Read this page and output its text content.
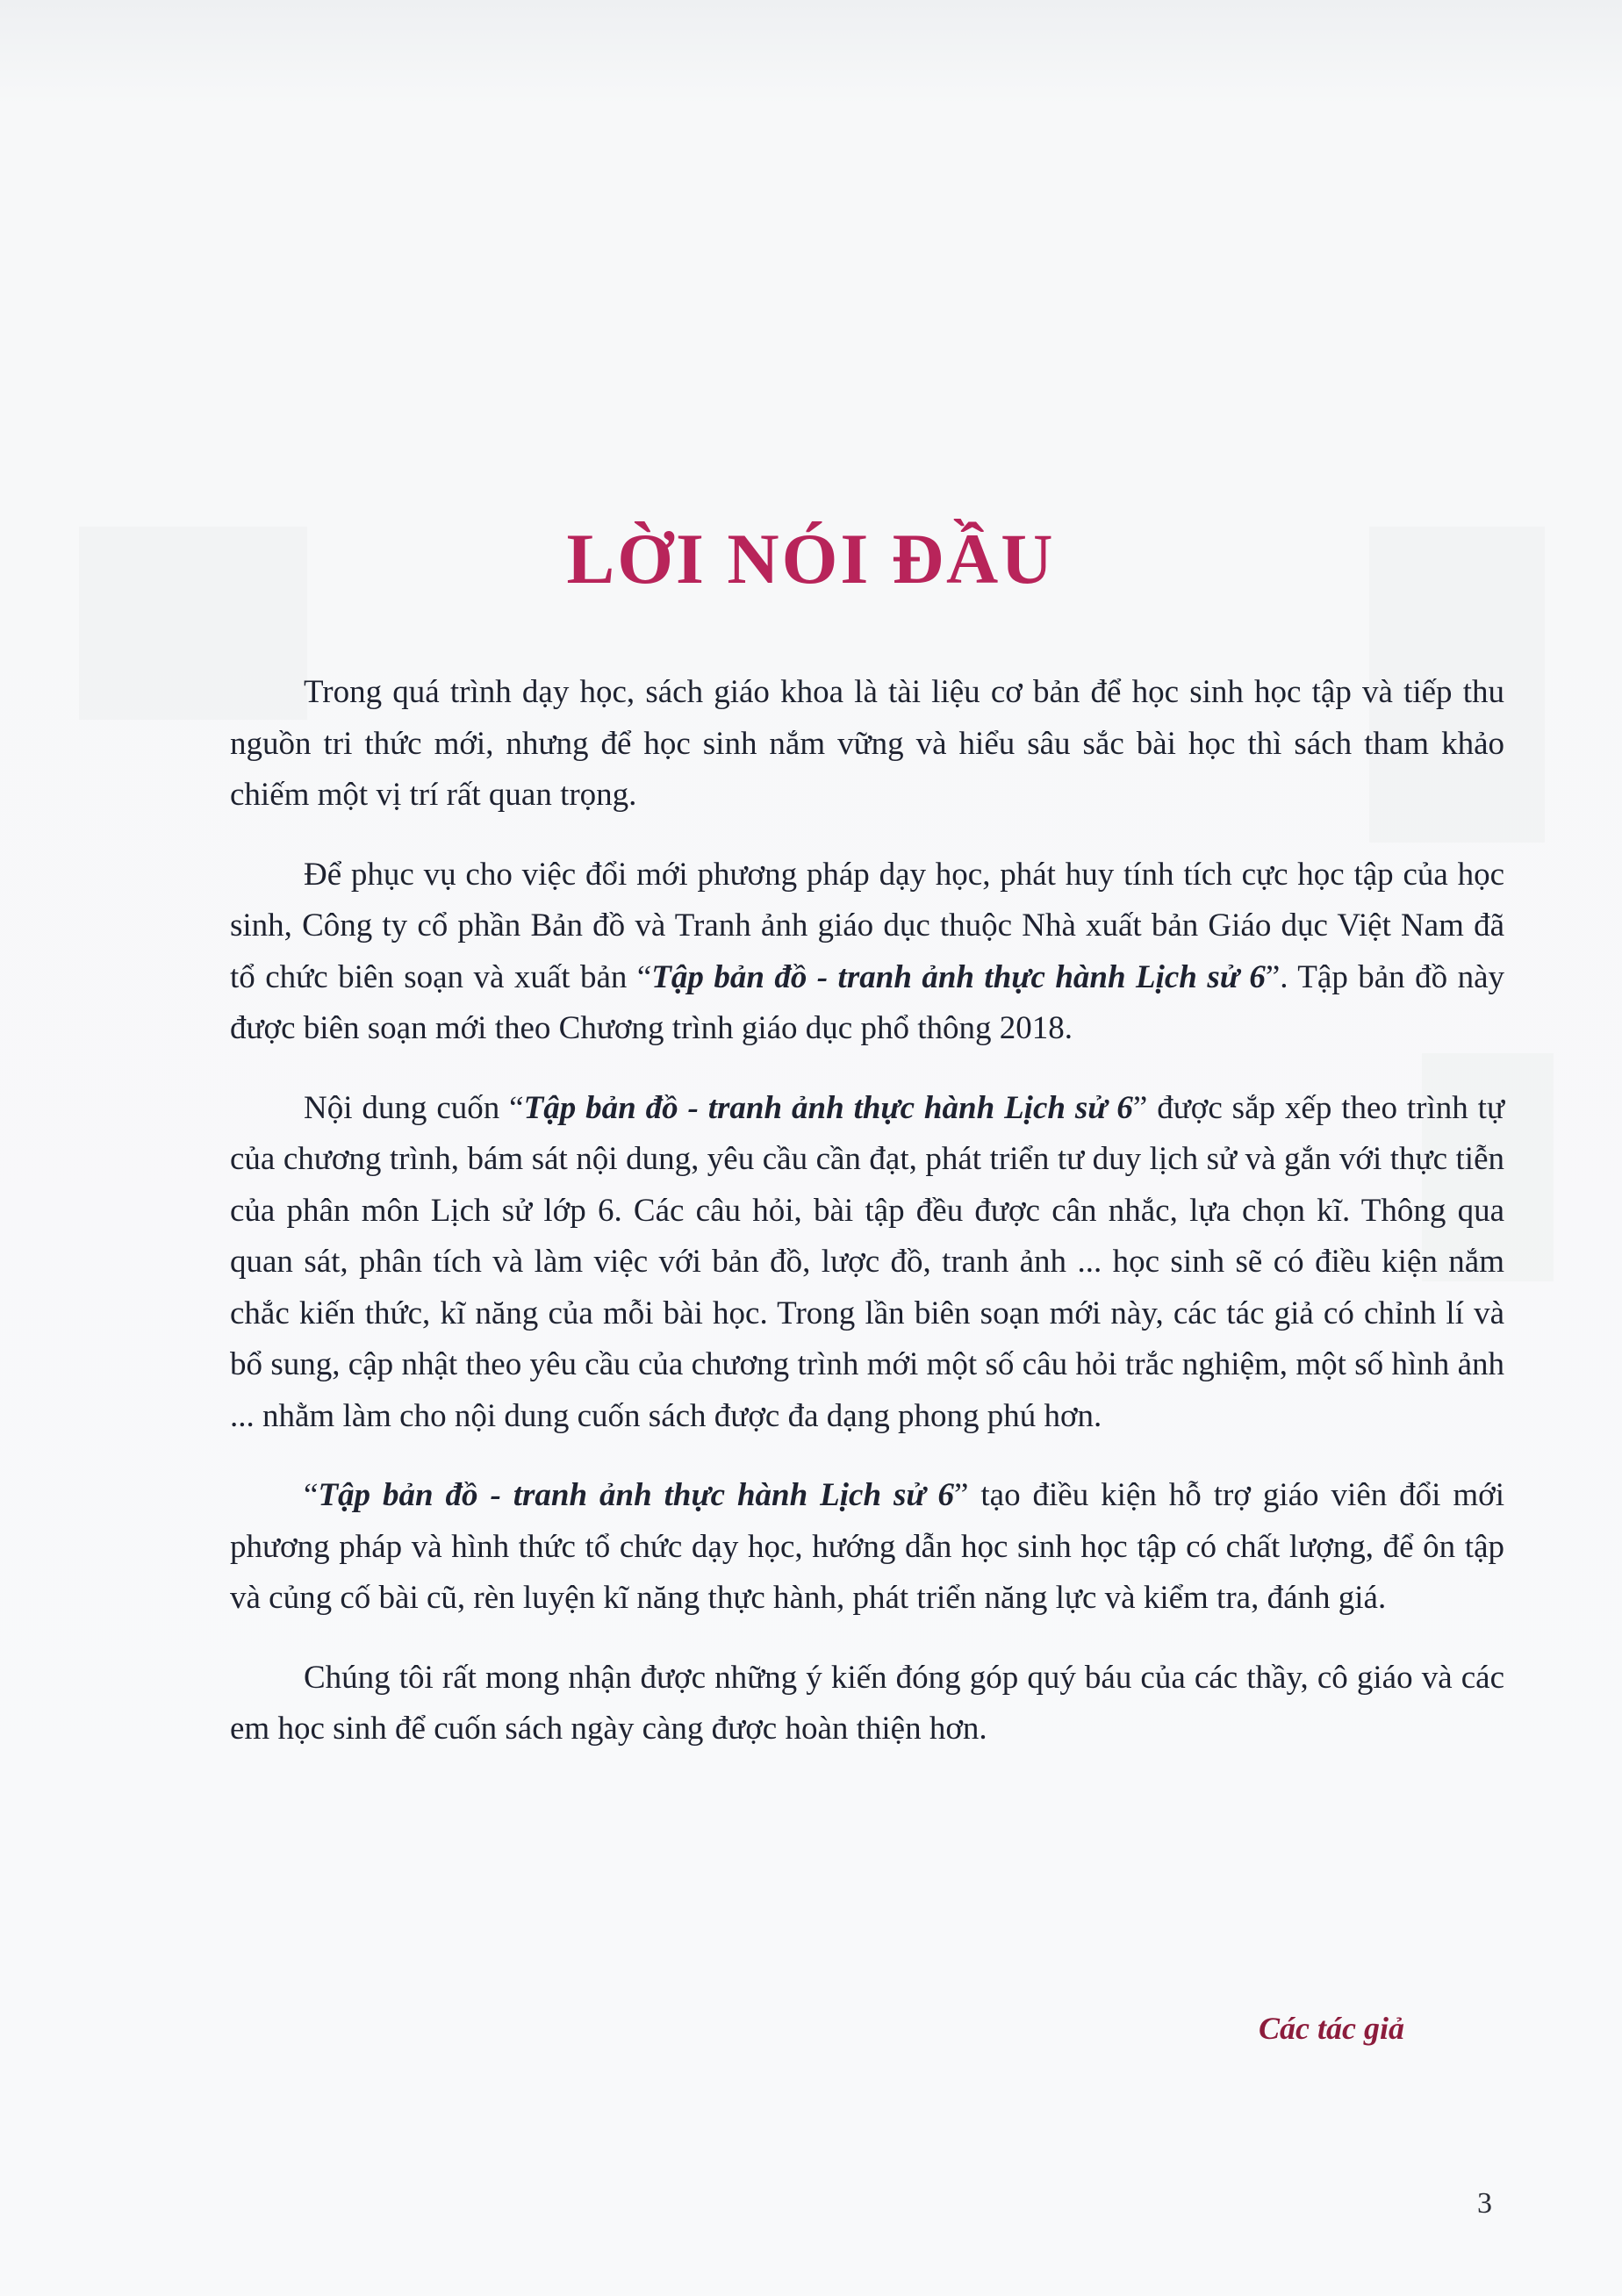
LỜI NÓI ĐẦU

Trong quá trình dạy học, sách giáo khoa là tài liệu cơ bản để học sinh học tập và tiếp thu nguồn tri thức mới, nhưng để học sinh nắm vững và hiểu sâu sắc bài học thì sách tham khảo chiếm một vị trí rất quan trọng.

Để phục vụ cho việc đổi mới phương pháp dạy học, phát huy tính tích cực học tập của học sinh, Công ty cổ phần Bản đồ và Tranh ảnh giáo dục thuộc Nhà xuất bản Giáo dục Việt Nam đã tổ chức biên soạn và xuất bản “Tập bản đồ - tranh ảnh thực hành Lịch sử 6”. Tập bản đồ này được biên soạn mới theo Chương trình giáo dục phổ thông 2018.

Nội dung cuốn “Tập bản đồ - tranh ảnh thực hành Lịch sử 6” được sắp xếp theo trình tự của chương trình, bám sát nội dung, yêu cầu cần đạt, phát triển tư duy lịch sử và gắn với thực tiễn của phân môn Lịch sử lớp 6. Các câu hỏi, bài tập đều được cân nhắc, lựa chọn kĩ. Thông qua quan sát, phân tích và làm việc với bản đồ, lược đồ, tranh ảnh ... học sinh sẽ có điều kiện nắm chắc kiến thức, kĩ năng của mỗi bài học. Trong lần biên soạn mới này, các tác giả có chỉnh lí và bổ sung, cập nhật theo yêu cầu của chương trình mới một số câu hỏi trắc nghiệm, một số hình ảnh ... nhằm làm cho nội dung cuốn sách được đa dạng phong phú hơn.

“Tập bản đồ - tranh ảnh thực hành Lịch sử 6” tạo điều kiện hỗ trợ giáo viên đổi mới phương pháp và hình thức tổ chức dạy học, hướng dẫn học sinh học tập có chất lượng, để ôn tập và củng cố bài cũ, rèn luyện kĩ năng thực hành, phát triển năng lực và kiểm tra, đánh giá.

Chúng tôi rất mong nhận được những ý kiến đóng góp quý báu của các thầy, cô giáo và các em học sinh để cuốn sách ngày càng được hoàn thiện hơn.

Các tác giả
3
